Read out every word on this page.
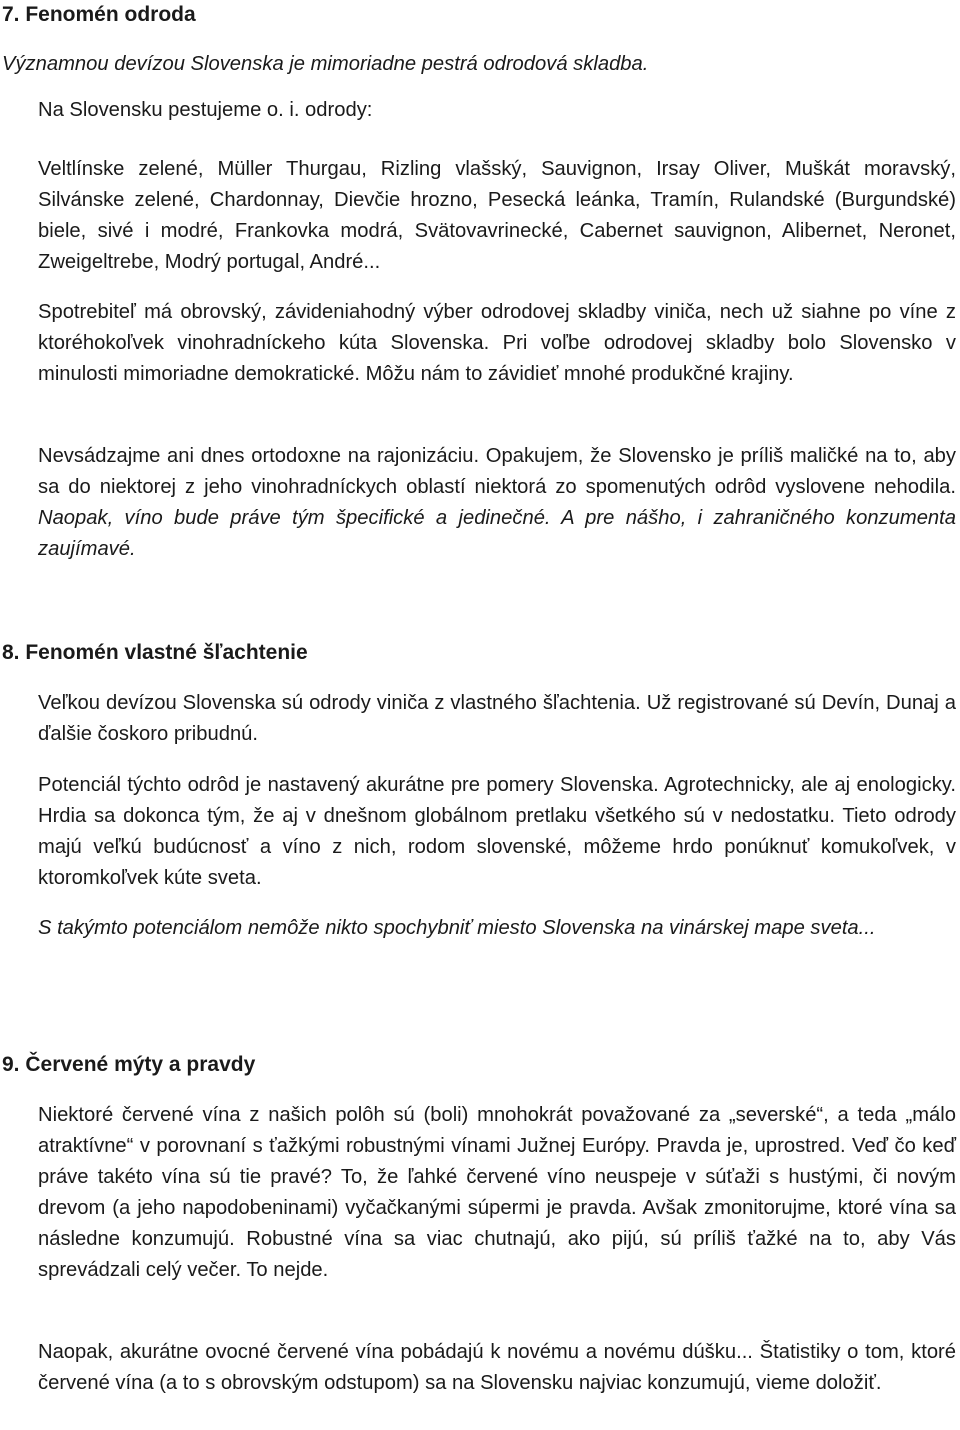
7. Fenomén odroda

Významnou devízou Slovenska je mimoriadne pestrá odrodová skladba.

Na Slovensku pestujeme o. i. odrody:

Veltlínske zelené, Müller Thurgau, Rizling vlašský, Sauvignon, Irsay Oliver, Muškát moravský, Silvánske zelené, Chardonnay, Dievčie hrozno, Pesecká leánka, Tramín, Rulandské (Burgundské) biele, sivé i modré, Frankovka modrá, Svätovavrinecké, Cabernet sauvignon, Alibernet, Neronet, Zweigeltrebe, Modrý portugal, André...

Spotrebiteľ má obrovský, závideniahodný výber odrodovej skladby viniča, nech už siahne po víne z ktoréhokoľvek vinohradníckeho kúta Slovenska. Pri voľbe odrodovej skladby bolo Slovensko v minulosti mimoriadne demokratické. Môžu nám to závidieť mnohé produkčné krajiny.

Nevsádzajme ani dnes ortodoxne na rajonizáciu. Opakujem, že Slovensko je príliš maličké na to, aby sa do niektorej z jeho vinohradníckych oblastí niektorá zo spomenutých odrôd vyslovene nehodila. Naopak, víno bude práve tým špecifické a jedinečné. A pre nášho, i zahraničného konzumenta zaujímavé.

8. Fenomén vlastné šľachtenie

Veľkou devízou Slovenska sú odrody viniča z vlastného šľachtenia. Už registrované sú Devín, Dunaj a ďalšie čoskoro pribudnú.

Potenciál týchto odrôd je nastavený akurátne pre pomery Slovenska. Agrotechnicky, ale aj enologicky. Hrdia sa dokonca tým, že aj v dnešnom globálnom pretlaku všetkého sú v nedostatku. Tieto odrody majú veľkú budúcnosť a víno z nich, rodom slovenské, môžeme hrdo ponúknuť komukoľvek, v ktoromkoľvek kúte sveta.

S takýmto potenciálom nemôže nikto spochybniť miesto Slovenska na vinárskej mape sveta...

9. Červené mýty a pravdy

Niektoré červené vína z našich polôh sú (boli) mnohokrát považované za „severské“, a teda „málo atraktívne“ v porovnaní s ťažkými robustnými vínami Južnej Európy. Pravda je, uprostred. Veď čo keď práve takéto vína sú tie pravé? To, že ľahké červené víno neuspeje v súťaži s hustými, či novým drevom (a jeho napodobeninami) vyčačkanými súpermi je pravda. Avšak zmonitorujme, ktoré vína sa následne konzumujú. Robustné vína sa viac chutnajú, ako pijú, sú príliš ťažké na to, aby Vás sprevádzali celý večer. To nejde.

Naopak, akurátne ovocné červené vína pobádajú k novému a novému dúšku... Štatistiky o tom, ktoré červené vína (a to s obrovským odstupom) sa na Slovensku najviac konzumujú, vieme doložiť.
